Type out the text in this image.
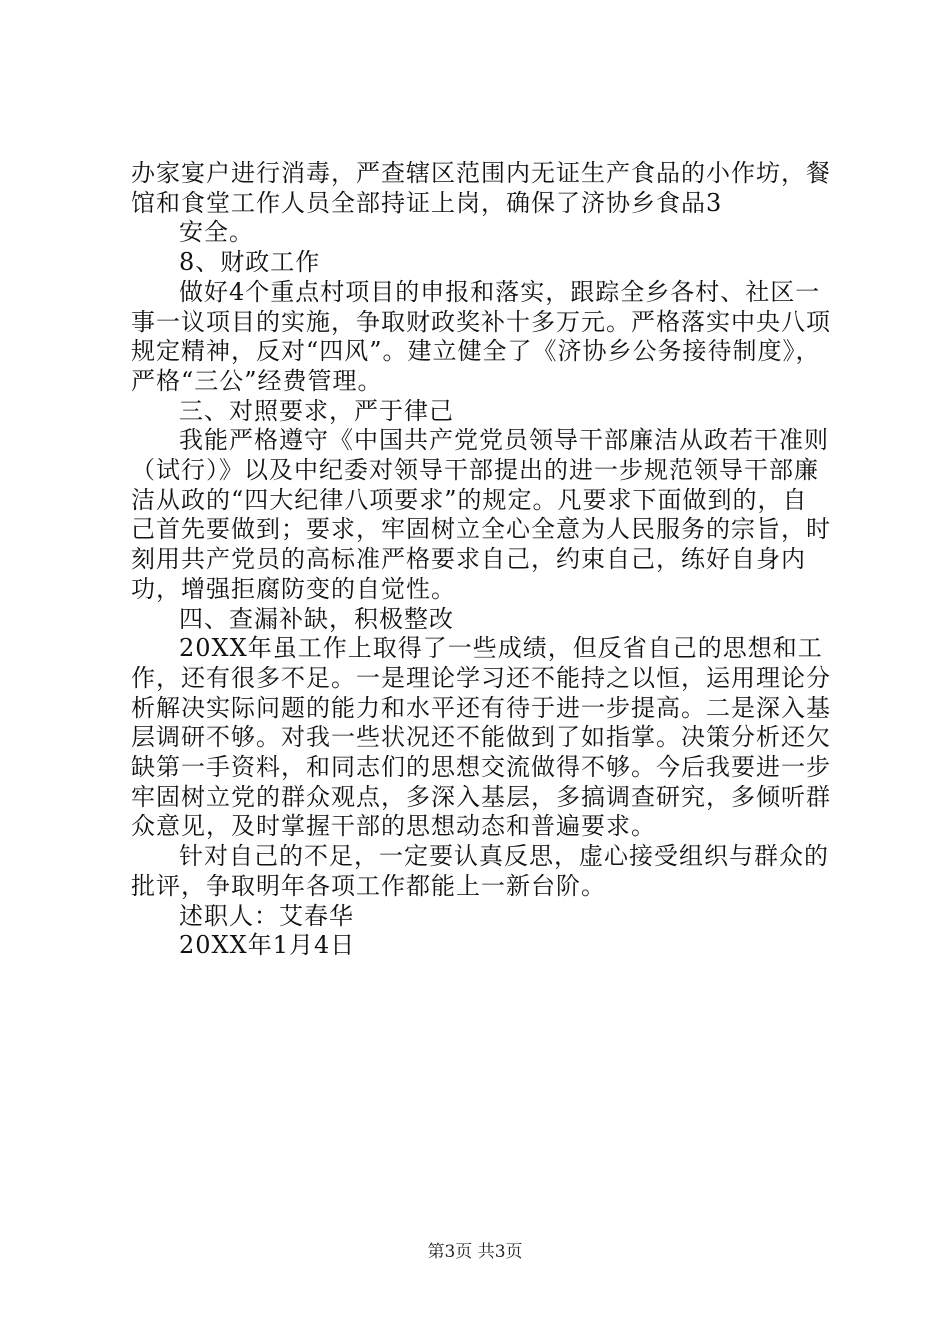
办家宴户进行消毒，严查辖区范围内无证生产食品的小作坊，餐馆和食堂工作人员全部持证上岗，确保了济协乡食品3

安全。

8、财政工作

做好4个重点村项目的申报和落实，跟踪全乡各村、社区一事一议项目的实施，争取财政奖补十多万元。严格落实中央八项规定精神，反对“四风”。建立健全了《济协乡公务接待制度》，严格“三公”经费管理。

三、对照要求，严于律己

我能严格遵守《中国共产党党员领导干部廉洁从政若干准则（试行）》以及中纪委对领导干部提出的进一步规范领导干部廉洁从政的“四大纪律八项要求”的规定。凡要求下面做到的，自己首先要做到；要求，牢固树立全心全意为人民服务的宗旨，时刻用共产党员的高标准严格要求自己，约束自己，练好自身内功，增强拒腐防变的自觉性。

四、查漏补缺，积极整改

20XX年虽工作上取得了一些成绩，但反省自己的思想和工作，还有很多不足。一是理论学习还不能持之以恒，运用理论分析解决实际问题的能力和水平还有待于进一步提高。二是深入基层调研不够。对我一些状况还不能做到了如指掌。决策分析还欠缺第一手资料，和同志们的思想交流做得不够。今后我要进一步牢固树立党的群众观点，多深入基层，多搞调查研究，多倾听群众意见，及时掌握干部的思想动态和普遍要求。

针对自己的不足，一定要认真反思，虚心接受组织与群众的批评，争取明年各项工作都能上一新台阶。

述职人：艾春华

20XX年1月4日

第3页 共3页
